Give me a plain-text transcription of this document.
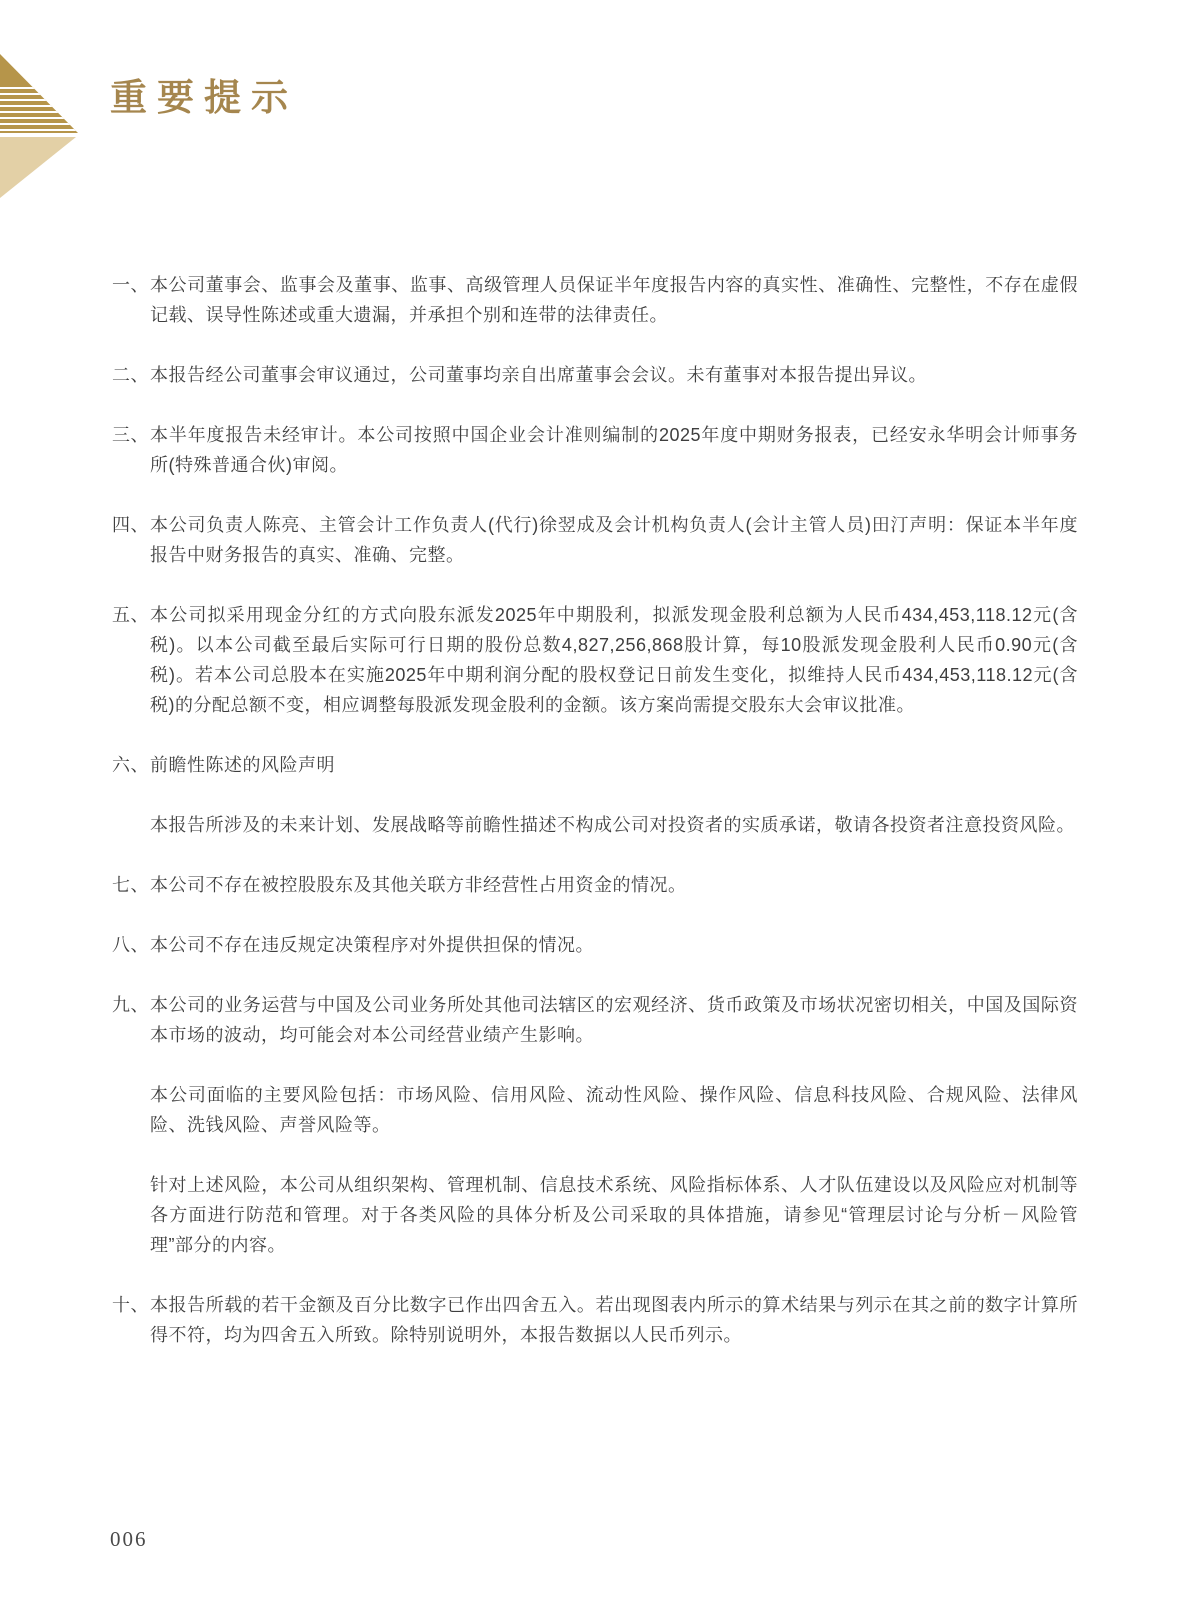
重要提示
一、 本公司董事会、监事会及董事、监事、高级管理人员保证半年度报告内容的真实性、准确性、完整性，不存在虚假记载、误导性陈述或重大遗漏，并承担个别和连带的法律责任。
二、 本报告经公司董事会审议通过，公司董事均亲自出席董事会会议。未有董事对本报告提出异议。
三、 本半年度报告未经审计。本公司按照中国企业会计准则编制的2025年度中期财务报表，已经安永华明会计师事务所(特殊普通合伙)审阅。
四、 本公司负责人陈亮、主管会计工作负责人(代行)徐翌成及会计机构负责人(会计主管人员)田汀声明：保证本半年度报告中财务报告的真实、准确、完整。
五、 本公司拟采用现金分红的方式向股东派发2025年中期股利，拟派发现金股利总额为人民币434,453,118.12元(含税)。以本公司截至最后实际可行日期的股份总数4,827,256,868股计算，每10股派发现金股利人民币0.90元(含税)。若本公司总股本在实施2025年中期利润分配的股权登记日前发生变化，拟维持人民币434,453,118.12元(含税)的分配总额不变，相应调整每股派发现金股利的金额。该方案尚需提交股东大会审议批准。
六、 前瞻性陈述的风险声明
本报告所涉及的未来计划、发展战略等前瞻性描述不构成公司对投资者的实质承诺，敬请各投资者注意投资风险。
七、 本公司不存在被控股股东及其他关联方非经营性占用资金的情况。
八、 本公司不存在违反规定决策程序对外提供担保的情况。
九、 本公司的业务运营与中国及公司业务所处其他司法辖区的宏观经济、货币政策及市场状况密切相关，中国及国际资本市场的波动，均可能会对本公司经营业绩产生影响。
本公司面临的主要风险包括：市场风险、信用风险、流动性风险、操作风险、信息科技风险、合规风险、法律风险、洗钱风险、声誉风险等。
针对上述风险，本公司从组织架构、管理机制、信息技术系统、风险指标体系、人才队伍建设以及风险应对机制等各方面进行防范和管理。对于各类风险的具体分析及公司采取的具体措施，请参见“管理层讨论与分析－风险管理”部分的内容。
十、 本报告所载的若干金额及百分比数字已作出四舍五入。若出现图表内所示的算术结果与列示在其之前的数字计算所得不符，均为四舍五入所致。除特别说明外，本报告数据以人民币列示。
006
